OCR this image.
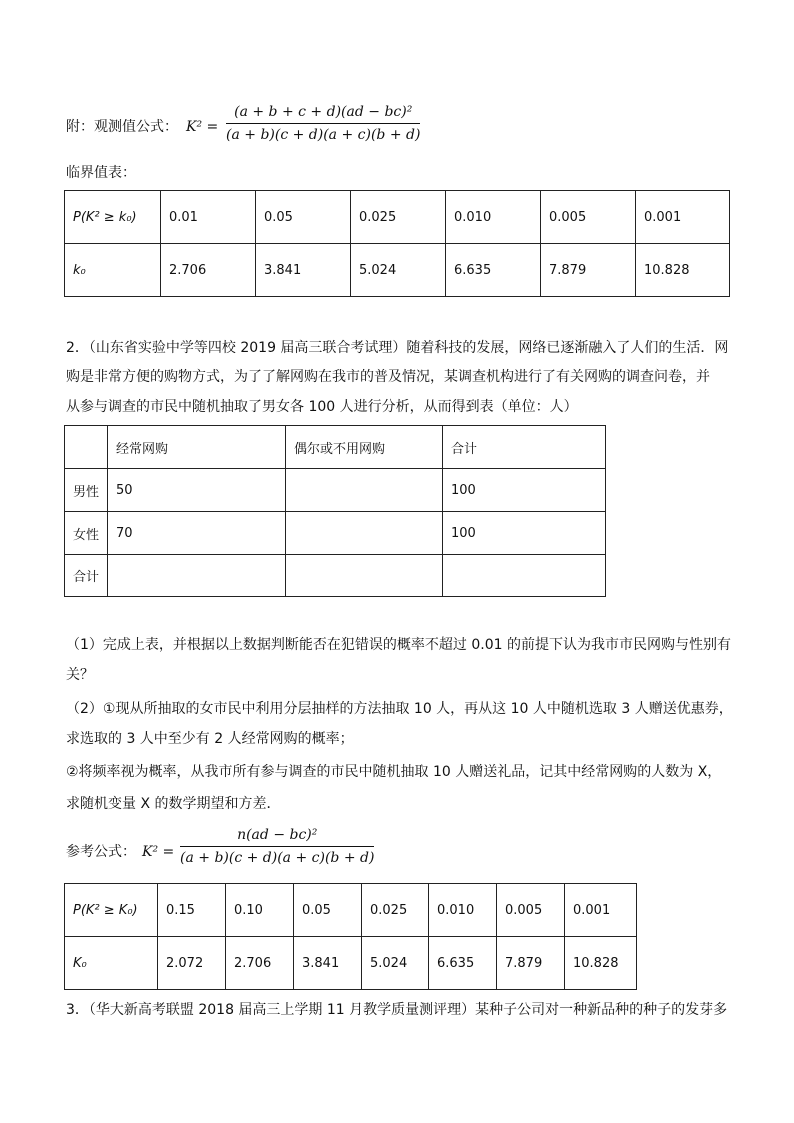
附：观测值公式： K² =
(a + b + c + d)(ad − bc)²
(a + b)(c + d)(a + c)(b + d)
临界值表：
P(K² ≥ k₀)	0.01	0.05	0.025	0.010	0.005	0.001
k₀	2.706	3.841	5.024	6.635	7.879	10.828
2．（山东省实验中学等四校 2019 届高三联合考试理）随着科技的发展，网络已逐渐融入了人们的生活．网
购是非常方便的购物方式，为了了解网购在我市的普及情况，某调查机构进行了有关网购的调查问卷，并
从参与调查的市民中随机抽取了男女各 100 人进行分析，从而得到表（单位：人）
	经常网购	偶尔或不用网购	合计
男性	50		100
女性	70		100
合计			
（1）完成上表，并根据以上数据判断能否在犯错误的概率不超过 0.01 的前提下认为我市市民网购与性别有
关？
（2）①现从所抽取的女市民中利用分层抽样的方法抽取 10 人，再从这 10 人中随机选取 3 人赠送优惠券，
求选取的 3 人中至少有 2 人经常网购的概率；
②将频率视为概率，从我市所有参与调查的市民中随机抽取 10 人赠送礼品，记其中经常网购的人数为 X，
求随机变量 X 的数学期望和方差．
参考公式： K² =
n(ad − bc)²
(a + b)(c + d)(a + c)(b + d)
P(K² ≥ K₀)	0.15	0.10	0.05	0.025	0.010	0.005	0.001
K₀	2.072	2.706	3.841	5.024	6.635	7.879	10.828
3．（华大新高考联盟 2018 届高三上学期 11 月教学质量测评理）某种子公司对一种新品种的种子的发芽多
